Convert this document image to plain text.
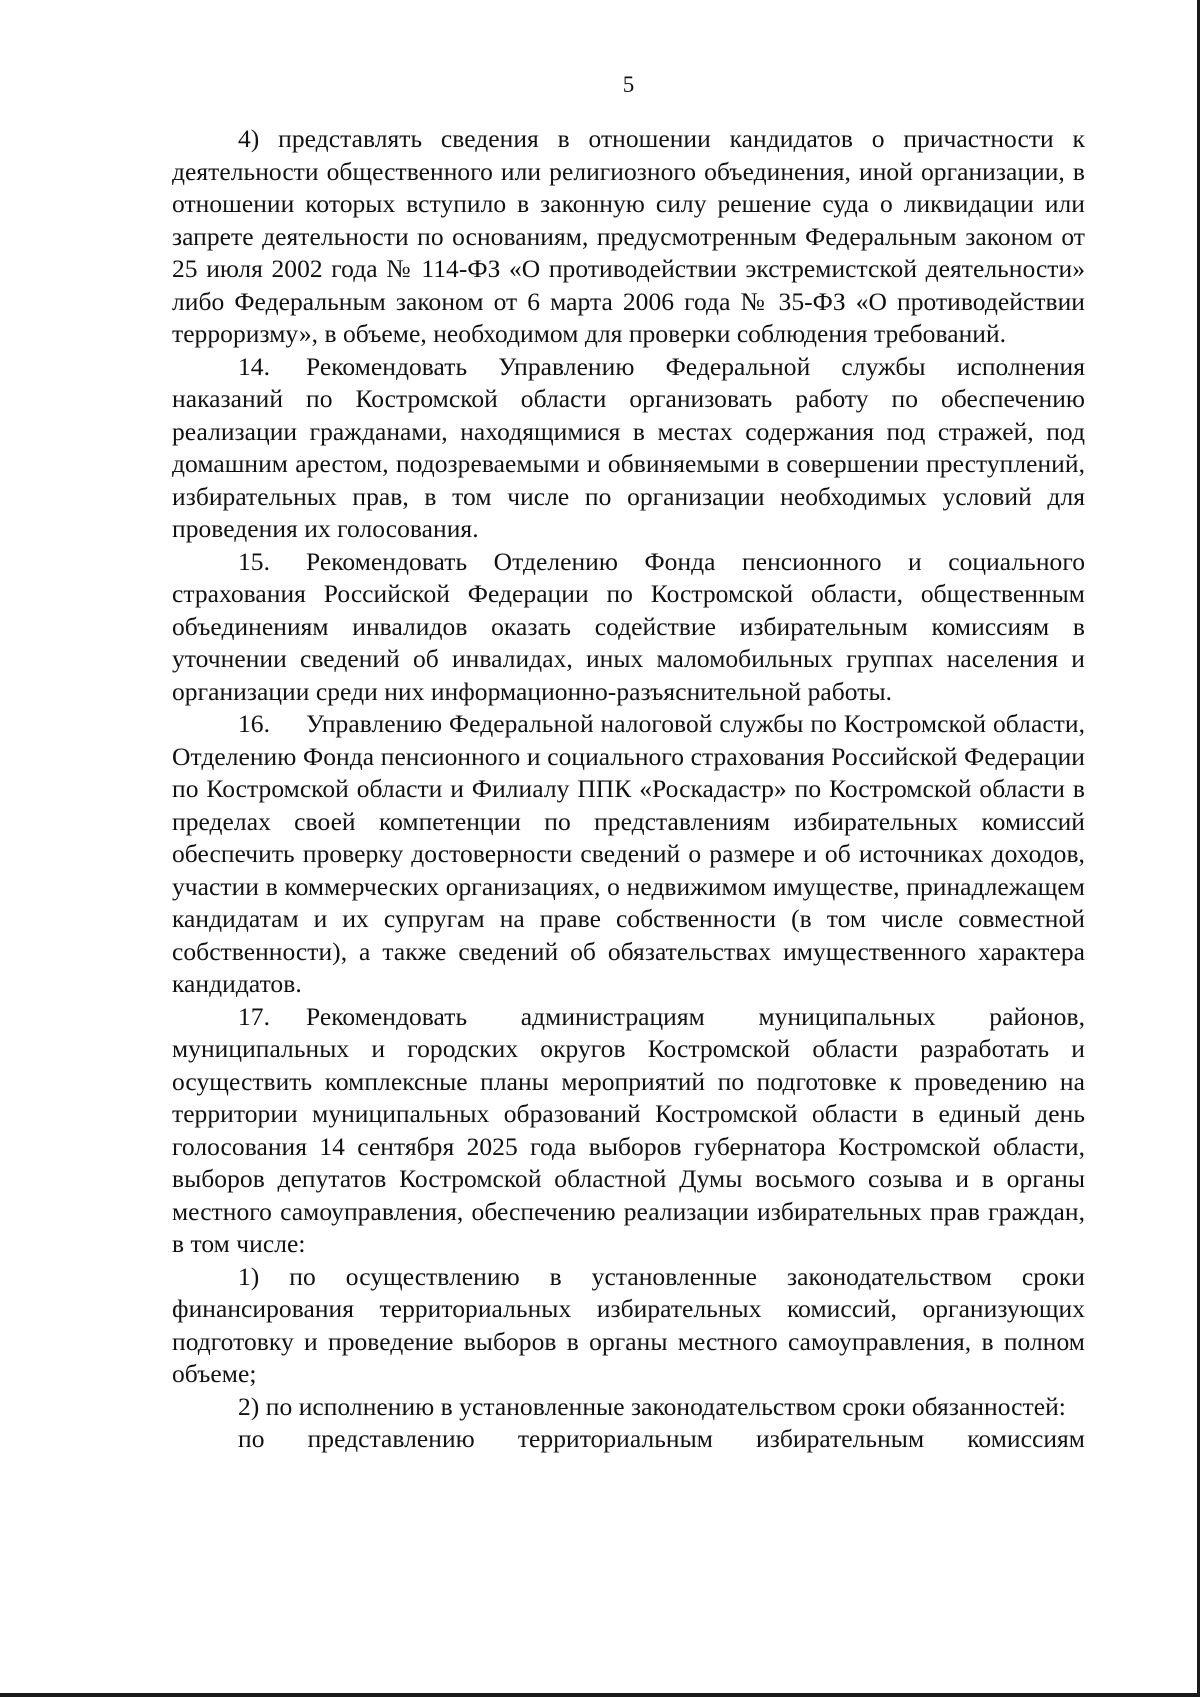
5

4) представлять сведения в отношении кандидатов о причастности к деятельности общественного или религиозного объединения, иной организации, в отношении которых вступило в законную силу решение суда о ликвидации или запрете деятельности по основаниям, предусмотренным Федеральным законом от 25 июля 2002 года № 114-ФЗ «О противодействии экстремистской деятельности» либо Федеральным законом от 6 марта 2006 года № 35-ФЗ «О противодействии терроризму», в объеме, необходимом для проверки соблюдения требований.

14. Рекомендовать Управлению Федеральной службы исполнения наказаний по Костромской области организовать работу по обеспечению реализации гражданами, находящимися в местах содержания под стражей, под домашним арестом, подозреваемыми и обвиняемыми в совершении преступлений, избирательных прав, в том числе по организации необходимых условий для проведения их голосования.

15. Рекомендовать Отделению Фонда пенсионного и социального страхования Российской Федерации по Костромской области, общественным объединениям инвалидов оказать содействие избирательным комиссиям в уточнении сведений об инвалидах, иных маломобильных группах населения и организации среди них информационно-разъяснительной работы.

16. Управлению Федеральной налоговой службы по Костромской области, Отделению Фонда пенсионного и социального страхования Российской Федерации по Костромской области и Филиалу ППК «Роскадастр» по Костромской области в пределах своей компетенции по представлениям избирательных комиссий обеспечить проверку достоверности сведений о размере и об источниках доходов, участии в коммерческих организациях, о недвижимом имуществе, принадлежащем кандидатам и их супругам на праве собственности (в том числе совместной собственности), а также сведений об обязательствах имущественного характера кандидатов.

17. Рекомендовать администрациям муниципальных районов, муниципальных и городских округов Костромской области разработать и осуществить комплексные планы мероприятий по подготовке к проведению на территории муниципальных образований Костромской области в единый день голосования 14 сентября 2025 года выборов губернатора Костромской области, выборов депутатов Костромской областной Думы восьмого созыва и в органы местного самоуправления, обеспечению реализации избирательных прав граждан, в том числе:

1) по осуществлению в установленные законодательством сроки финансирования территориальных избирательных комиссий, организующих подготовку и проведение выборов в органы местного самоуправления, в полном объеме;

2) по исполнению в установленные законодательством сроки обязанностей:

по представлению территориальным избирательным комиссиям
